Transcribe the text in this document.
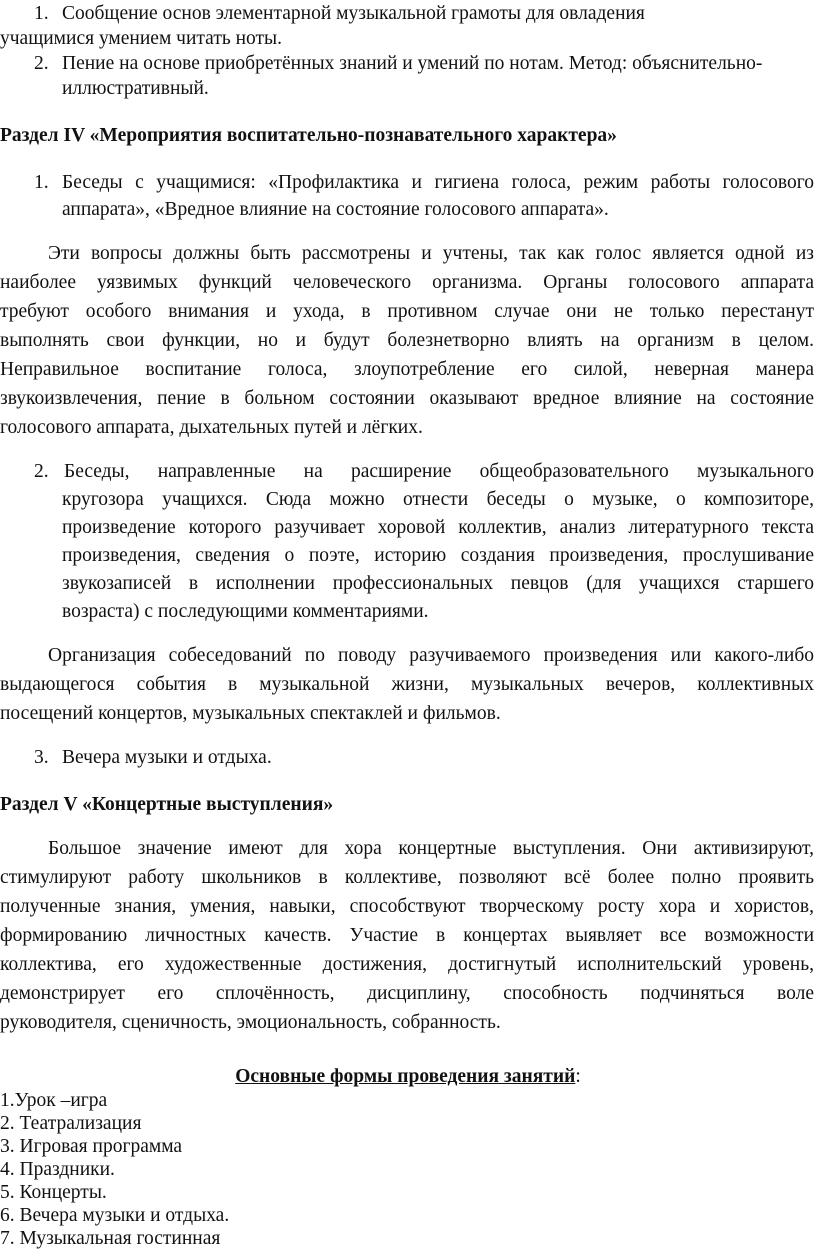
1. Сообщение основ элементарной музыкальной грамоты для овладения
учащимися умением читать ноты.
2. Пение на основе приобретённых знаний и умений по нотам. Метод: объяснительно-
иллюстративный.
Раздел IV «Мероприятия воспитательно-познавательного характера»
1. Беседы с учащимися: «Профилактика и гигиена голоса, режим работы голосового
аппарата», «Вредное влияние на состояние голосового аппарата».
Эти вопросы должны быть рассмотрены и учтены, так как голос является одной из
наиболее уязвимых функций человеческого организма. Органы голосового аппарата
требуют особого внимания и ухода, в противном случае они не только перестанут
выполнять свои функции, но и будут болезнетворно влиять на организм в целом.
Неправильное воспитание голоса, злоупотребление его силой, неверная манера
звукоизвлечения, пение в больном состоянии оказывают вредное влияние на состояние
голосового аппарата, дыхательных путей и лёгких.
2. Беседы, направленные на расширение общеобразовательного музыкального
кругозора учащихся. Сюда можно отнести беседы о музыке, о композиторе,
произведение которого разучивает хоровой коллектив, анализ литературного текста
произведения, сведения о поэте, историю создания произведения, прослушивание
звукозаписей в исполнении профессиональных певцов (для учащихся старшего
возраста) с последующими комментариями.
Организация собеседований по поводу разучиваемого произведения или какого-либо
выдающегося события в музыкальной жизни, музыкальных вечеров, коллективных
посещений концертов, музыкальных спектаклей и фильмов.
3. Вечера музыки и отдыха.
Раздел V «Концертные выступления»
Большое значение имеют для хора концертные выступления. Они активизируют,
стимулируют работу школьников в коллективе, позволяют всё более полно проявить
полученные знания, умения, навыки, способствуют творческому росту хора и хористов,
формированию личностных качеств. Участие в концертах выявляет все возможности
коллектива, его художественные достижения, достигнутый исполнительский уровень,
демонстрирует его сплочённость, дисциплину, способность подчиняться воле
руководителя, сценичность, эмоциональность, собранность.
Основные формы проведения занятий:
1.Урок –игра
2. Театрализация
3. Игровая программа
4. Праздники.
5. Концерты.
6. Вечера музыки и отдыха.
7. Музыкальная гостинная
